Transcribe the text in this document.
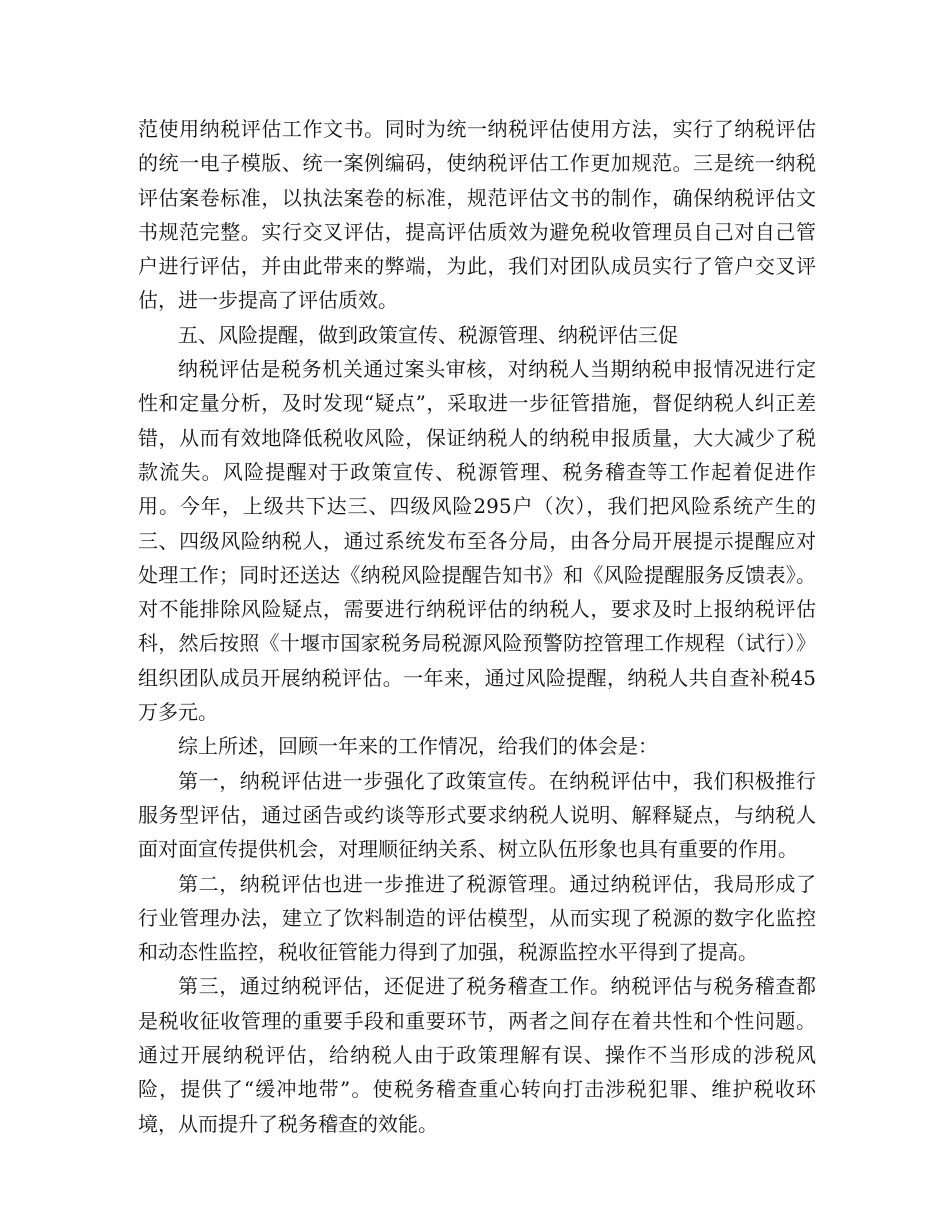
范使用纳税评估工作文书。同时为统一纳税评估使用方法，实行了纳税评估的统一电子模版、统一案例编码，使纳税评估工作更加规范。三是统一纳税评估案卷标准，以执法案卷的标准，规范评估文书的制作，确保纳税评估文书规范完整。实行交叉评估，提高评估质效为避免税收管理员自己对自己管户进行评估，并由此带来的弊端，为此，我们对团队成员实行了管户交叉评估，进一步提高了评估质效。

五、风险提醒，做到政策宣传、税源管理、纳税评估三促

纳税评估是税务机关通过案头审核，对纳税人当期纳税申报情况进行定性和定量分析，及时发现“疑点”，采取进一步征管措施，督促纳税人纠正差错，从而有效地降低税收风险，保证纳税人的纳税申报质量，大大减少了税款流失。风险提醒对于政策宣传、税源管理、税务稽查等工作起着促进作用。今年，上级共下达三、四级风险295户（次），我们把风险系统产生的三、四级风险纳税人，通过系统发布至各分局，由各分局开展提示提醒应对处理工作；同时还送达《纳税风险提醒告知书》和《风险提醒服务反馈表》。对不能排除风险疑点，需要进行纳税评估的纳税人，要求及时上报纳税评估科，然后按照《十堰市国家税务局税源风险预警防控管理工作规程（试行）》组织团队成员开展纳税评估。一年来，通过风险提醒，纳税人共自查补税45万多元。

综上所述，回顾一年来的工作情况，给我们的体会是：

第一，纳税评估进一步强化了政策宣传。在纳税评估中，我们积极推行服务型评估，通过函告或约谈等形式要求纳税人说明、解释疑点，与纳税人面对面宣传提供机会，对理顺征纳关系、树立队伍形象也具有重要的作用。

第二，纳税评估也进一步推进了税源管理。通过纳税评估，我局形成了行业管理办法，建立了饮料制造的评估模型，从而实现了税源的数字化监控和动态性监控，税收征管能力得到了加强，税源监控水平得到了提高。

第三，通过纳税评估，还促进了税务稽查工作。纳税评估与税务稽查都是税收征收管理的重要手段和重要环节，两者之间存在着共性和个性问题。通过开展纳税评估，给纳税人由于政策理解有误、操作不当形成的涉税风险，提供了“缓冲地带”。使税务稽查重心转向打击涉税犯罪、维护税收环境，从而提升了税务稽查的效能。
